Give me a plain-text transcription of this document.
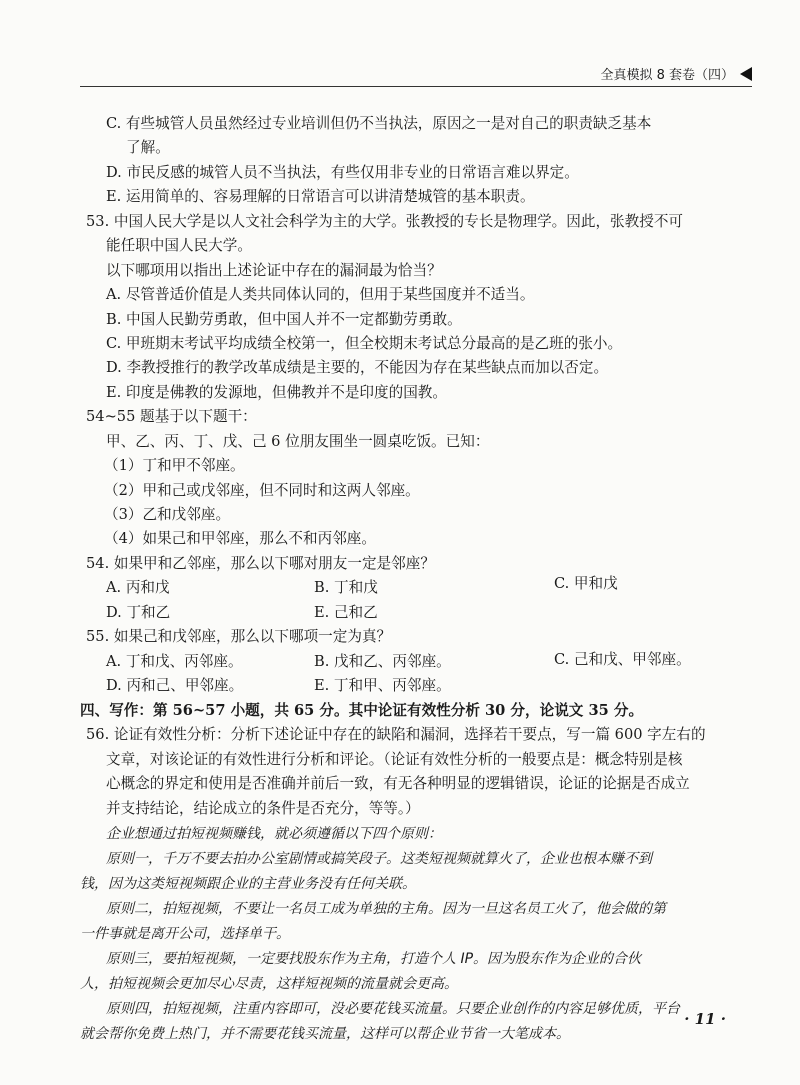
全真模拟 8 套卷（四）
C. 有些城管人员虽然经过专业培训但仍不当执法，原因之一是对自己的职责缺乏基本
了解。
D. 市民反感的城管人员不当执法，有些仅用非专业的日常语言难以界定。
E. 运用简单的、容易理解的日常语言可以讲清楚城管的基本职责。
53. 中国人民大学是以人文社会科学为主的大学。张教授的专长是物理学。因此，张教授不可
能任职中国人民大学。
以下哪项用以指出上述论证中存在的漏洞最为恰当？
A. 尽管普适价值是人类共同体认同的，但用于某些国度并不适当。
B. 中国人民勤劳勇敢，但中国人并不一定都勤劳勇敢。
C. 甲班期末考试平均成绩全校第一，但全校期末考试总分最高的是乙班的张小。
D. 李教授推行的教学改革成绩是主要的，不能因为存在某些缺点而加以否定。
E. 印度是佛教的发源地，但佛教并不是印度的国教。
54~55 题基于以下题干：
甲、乙、丙、丁、戊、己 6 位朋友围坐一圆桌吃饭。已知：
（1）丁和甲不邻座。
（2）甲和己或戊邻座，但不同时和这两人邻座。
（3）乙和戊邻座。
（4）如果己和甲邻座，那么不和丙邻座。
54. 如果甲和乙邻座，那么以下哪对朋友一定是邻座？
A. 丙和戊	B. 丁和戊	C. 甲和戊
D. 丁和乙	E. 己和乙
55. 如果己和戊邻座，那么以下哪项一定为真？
A. 丁和戊、丙邻座。	B. 戊和乙、丙邻座。	C. 己和戊、甲邻座。
D. 丙和己、甲邻座。	E. 丁和甲、丙邻座。
四、写作：第 56~57 小题，共 65 分。其中论证有效性分析 30 分，论说文 35 分。
56. 论证有效性分析：分析下述论证中存在的缺陷和漏洞，选择若干要点，写一篇 600 字左右的
文章，对该论证的有效性进行分析和评论。（论证有效性分析的一般要点是：概念特别是核
心概念的界定和使用是否准确并前后一致，有无各种明显的逻辑错误，论证的论据是否成立
并支持结论，结论成立的条件是否充分，等等。）
企业想通过拍短视频赚钱，就必须遵循以下四个原则：
原则一，千万不要去拍办公室剧情或搞笑段子。这类短视频就算火了，企业也根本赚不到
钱，因为这类短视频跟企业的主营业务没有任何关联。
原则二，拍短视频，不要让一名员工成为单独的主角。因为一旦这名员工火了，他会做的第
一件事就是离开公司，选择单干。
原则三，要拍短视频，一定要找股东作为主角，打造个人 IP。因为股东作为企业的合伙
人，拍短视频会更加尽心尽责，这样短视频的流量就会更高。
原则四，拍短视频，注重内容即可，没必要花钱买流量。只要企业创作的内容足够优质，平台
就会帮你免费上热门，并不需要花钱买流量，这样可以帮企业节省一大笔成本。
· 11 ·
